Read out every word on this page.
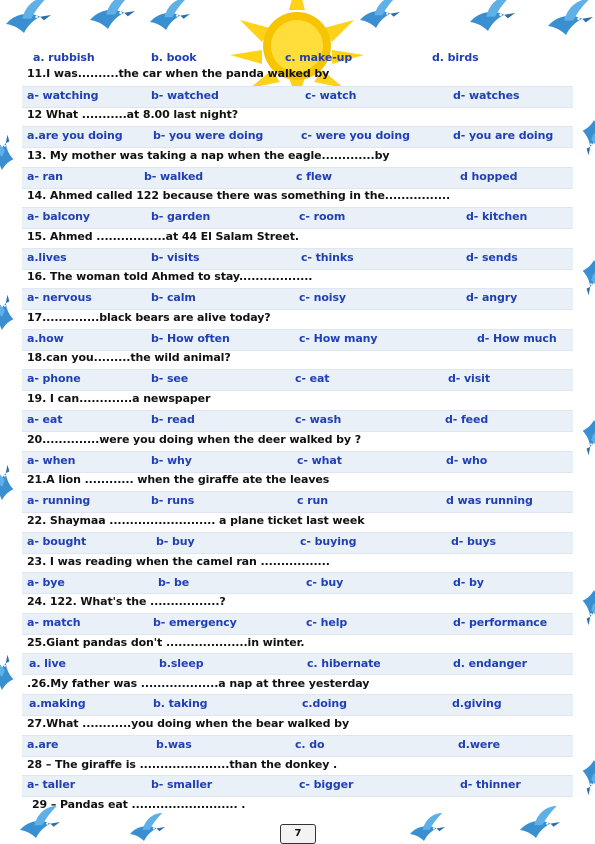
a. rubbish	b. book	c. make-up	d. birds
11.I was..........the car when the panda walked by
a- watching	b- watched	c- watch	d- watches
12 What ...........at 8.00 last night?
a.are you doing	b- you were doing	c- were you doing	d- you are doing
13. My mother was taking a nap when the eagle.............by
a- ran	b- walked	c flew	d hopped
14. Ahmed called 122 because there was something in the................
a- balcony	b- garden	c- room	d- kitchen
15. Ahmed .................at 44 El Salam Street.
a.lives	b- visits	c- thinks	d- sends
16. The woman told Ahmed to stay..................
a- nervous	b- calm	c- noisy	d- angry
17..............black bears are alive today?
a.how	b- How often	c- How many	d- How much
18.can you.........the wild animal?
a- phone	b- see	c- eat	d- visit
19. I can.............a newspaper
a- eat	b- read	c- wash	d- feed
20..............were you doing when the deer walked by ?
a- when	b- why	c- what	d- who
21.A lion ............ when the giraffe ate the leaves
a- running	b- runs	c run	d was running
22. Shaymaa .......................... a plane ticket last week
a- bought	b- buy	c- buying	d- buys
23. I was reading when the camel ran .................
a- bye	b- be	c- buy	d- by
24. 122. What's the .................?
a- match	b- emergency	c- help	d- performance
25.Giant pandas don't ....................in winter.
a. live	b.sleep	c. hibernate	d. endanger
.26.My father was ...................a nap at three yesterday
a.making	b. taking	c.doing	d.giving
27.What ............you doing when the bear walked by
a.are	b.was	c. do	d.were
28 – The giraffe is ......................than the donkey .
a- taller	b- smaller	c- bigger	d- thinner
29 – Pandas eat .......................... .
7
